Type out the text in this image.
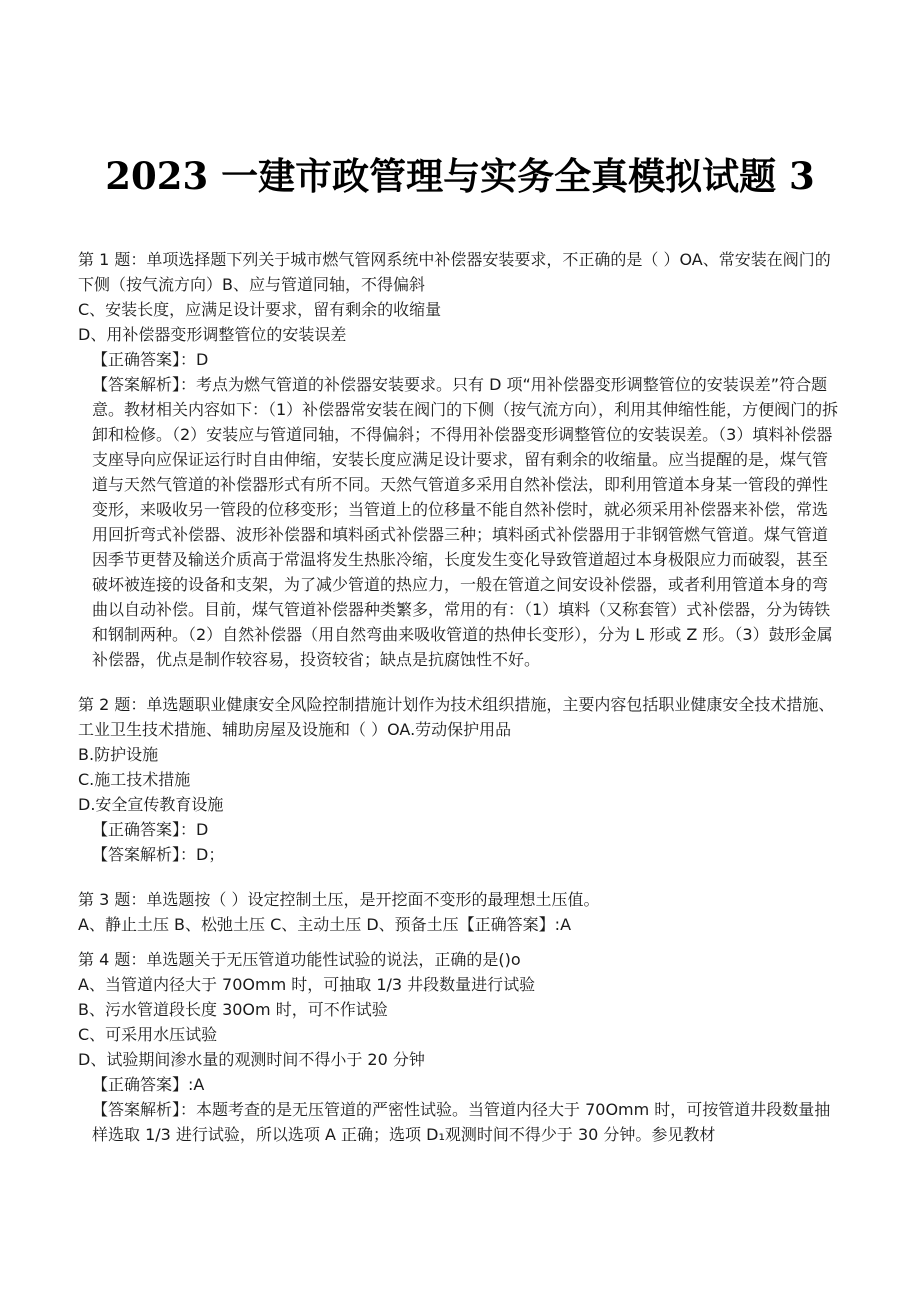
2023 一建市政管理与实务全真模拟试题 3

第 1 题：单项选择题下列关于城市燃气管网系统中补偿器安装要求，不正确的是（ ）OA、常安装在阀门的下侧（按气流方向）B、应与管道同轴，不得偏斜

C、安装长度，应满足设计要求，留有剩余的收缩量

D、用补偿器变形调整管位的安装误差

【正确答案】：D

【答案解析】：考点为燃气管道的补偿器安装要求。只有 D 项“用补偿器变形调整管位的安装误差”符合题意。教材相关内容如下：（1）补偿器常安装在阀门的下侧（按气流方向），利用其伸缩性能，方便阀门的拆卸和检修。（2）安装应与管道同轴，不得偏斜；不得用补偿器变形调整管位的安装误差。（3）填料补偿器支座导向应保证运行时自由伸缩，安装长度应满足设计要求，留有剩余的收缩量。应当提醒的是，煤气管道与天然气管道的补偿器形式有所不同。天然气管道多采用自然补偿法，即利用管道本身某一管段的弹性变形，来吸收另一管段的位移变形；当管道上的位移量不能自然补偿时，就必须采用补偿器来补偿，常选用回折弯式补偿器、波形补偿器和填料函式补偿器三种；填料函式补偿器用于非钢管燃气管道。煤气管道因季节更替及输送介质高于常温将发生热胀冷缩，长度发生变化导致管道超过本身极限应力而破裂，甚至破坏被连接的设备和支架，为了减少管道的热应力，一般在管道之间安设补偿器，或者利用管道本身的弯曲以自动补偿。目前，煤气管道补偿器种类繁多，常用的有：（1）填料（又称套管）式补偿器，分为铸铁和钢制两种。（2）自然补偿器（用自然弯曲来吸收管道的热伸长变形），分为 L 形或 Z 形。（3）鼓形金属补偿器，优点是制作较容易，投资较省；缺点是抗腐蚀性不好。

第 2 题：单选题职业健康安全风险控制措施计划作为技术组织措施，主要内容包括职业健康安全技术措施、工业卫生技术措施、辅助房屋及设施和（ ）OA.劳动保护用品

B.防护设施

C.施工技术措施

D.安全宣传教育设施

【正确答案】：D

【答案解析】：D；

第 3 题：单选题按（ ）设定控制土压，是开挖面不变形的最理想土压值。

A、静止土压 B、松弛土压 C、主动土压 D、预备土压【正确答案】:A

第 4 题：单选题关于无压管道功能性试验的说法，正确的是()o

A、当管道内径大于 70Omm 时，可抽取 1/3 井段数量进行试验

B、污水管道段长度 30Om 时，可不作试验

C、可采用水压试验

D、试验期间渗水量的观测时间不得小于 20 分钟

【正确答案】:A

【答案解析】：本题考查的是无压管道的严密性试验。当管道内径大于 70Omm 时，可按管道井段数量抽样选取 1/3 进行试验，所以选项 A 正确；选项 D₁观测时间不得少于 30 分钟。参见教材
